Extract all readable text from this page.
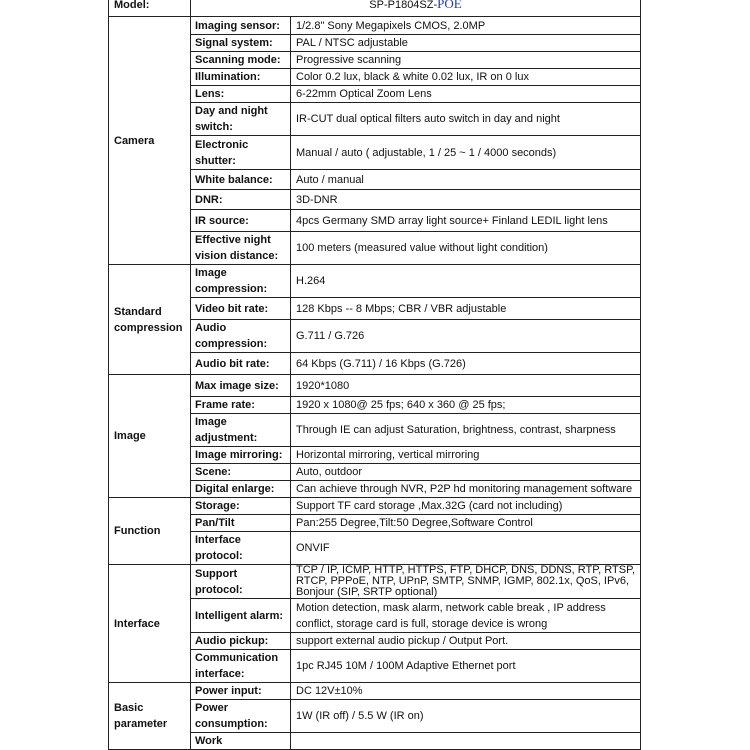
Model:	SP-P1804SZ-POE	
Camera	Imaging sensor:	1/2.8" Sony Megapixels CMOS, 2.0MP
	Signal system:	PAL / NTSC adjustable
	Scanning mode:	Progressive scanning
	Illumination:	Color 0.2 lux, black & white 0.02 lux, IR on 0 lux
	Lens:	6-22mm Optical Zoom Lens
	Day and night switch:	IR-CUT dual optical filters auto switch in day and night
	Electronic shutter:	Manual / auto ( adjustable, 1 / 25 ~ 1 / 4000 seconds)
	White balance:	Auto / manual
	DNR:	3D-DNR
	IR source:	4pcs Germany SMD array light source+ Finland LEDIL light lens
	Effective night vision distance:	100 meters (measured value without light condition)
Standard compression	Image compression:	H.264
	Video bit rate:	128 Kbps -- 8 Mbps; CBR / VBR adjustable
	Audio compression:	G.711 / G.726
	Audio bit rate:	64 Kbps (G.711) / 16 Kbps (G.726)
Image	Max image size:	1920*1080
	Frame rate:	1920 x 1080@ 25 fps; 640 x 360 @ 25 fps;
	Image adjustment:	Through IE can adjust Saturation, brightness, contrast, sharpness
	Image mirroring:	Horizontal mirroring, vertical mirroring
	Scene:	Auto, outdoor
	Digital enlarge:	Can achieve through NVR, P2P hd monitoring management software
Function	Storage:	Support TF card storage ,Max.32G (card not including)
	Pan/Tilt	Pan:255 Degree,Tilt:50 Degree,Software Control
	Interface protocol:	ONVIF
Interface	Support protocol:	TCP / IP, ICMP, HTTP, HTTPS, FTP, DHCP, DNS, DDNS, RTP, RTSP, RTCP, PPPoE, NTP, UPnP, SMTP, SNMP, IGMP, 802.1x, QoS, IPv6, Bonjour (SIP, SRTP optional)

	Intelligent alarm:	Motion detection, mask alarm, network cable break , IP address conflict, storage card is full, storage device is wrong
	Audio pickup:	support external audio pickup / Output Port.
	Communication interface:	1pc RJ45 10M / 100M Adaptive Ethernet port
Basic parameter	Power input:	DC 12V±10%
	Power consumption:	1W (IR off) / 5.5 W (IR on)
	Work	
